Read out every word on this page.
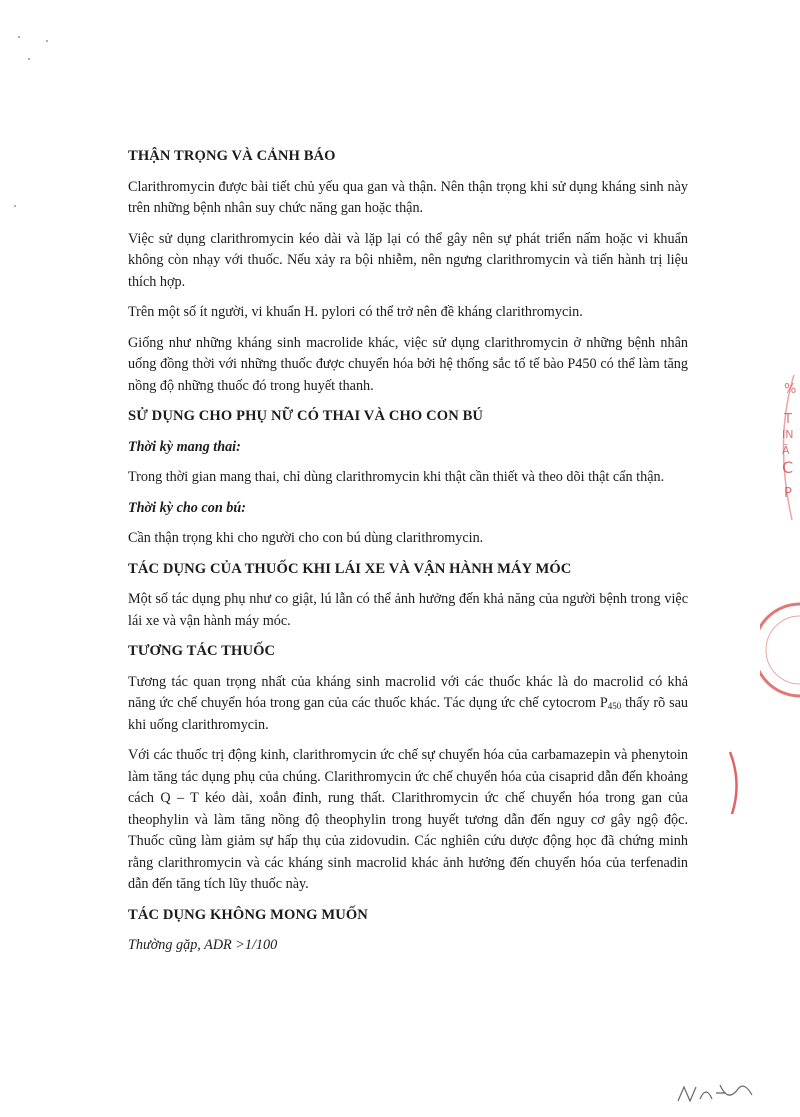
THẬN TRỌNG VÀ CẢNH BÁO

Clarithromycin được bài tiết chủ yếu qua gan và thận. Nên thận trọng khi sử dụng kháng sinh này trên những bệnh nhân suy chức năng gan hoặc thận.

Việc sử dụng clarithromycin kéo dài và lặp lại có thể gây nên sự phát triển nấm hoặc vi khuẩn không còn nhạy với thuốc. Nếu xảy ra bội nhiễm, nên ngưng clarithromycin và tiến hành trị liệu thích hợp.

Trên một số ít người, vi khuẩn H. pylori có thể trở nên đề kháng clarithromycin.

Giống như những kháng sinh macrolide khác, việc sử dụng clarithromycin ở những bệnh nhân uống đồng thời với những thuốc được chuyển hóa bởi hệ thống sắc tố tế bào P450 có thể làm tăng nồng độ những thuốc đó trong huyết thanh.

SỬ DỤNG CHO PHỤ NỮ CÓ THAI VÀ CHO CON BÚ
Thời kỳ mang thai:

Trong thời gian mang thai, chỉ dùng clarithromycin khi thật cần thiết và theo dõi thật cẩn thận.

Thời kỳ cho con bú:

Cần thận trọng khi cho người cho con bú dùng clarithromycin.

TÁC DỤNG CỦA THUỐC KHI LÁI XE VÀ VẬN HÀNH MÁY MÓC

Một số tác dụng phụ như co giật, lú lẫn có thể ảnh hưởng đến khả năng của người bệnh trong việc lái xe và vận hành máy móc.

TƯƠNG TÁC THUỐC

Tương tác quan trọng nhất của kháng sinh macrolid với các thuốc khác là do macrolid có khả năng ức chế chuyển hóa trong gan của các thuốc khác. Tác dụng ức chế cytocrom $P_{450}$ thấy rõ sau khi uống clarithromycin.

Với các thuốc trị động kinh, clarithromycin ức chế sự chuyển hóa của carbamazepin và phenytoin làm tăng tác dụng phụ của chúng. Clarithromycin ức chế chuyển hóa của cisaprid dẫn đến khoảng cách Q – T kéo dài, xoắn đỉnh, rung thất. Clarithromycin ức chế chuyển hóa trong gan của theophylin và làm tăng nồng độ theophylin trong huyết tương dẫn đến nguy cơ gây ngộ độc. Thuốc cũng làm giảm sự hấp thụ của zidovudin. Các nghiên cứu dược động học đã chứng minh rằng clarithromycin và các kháng sinh macrolid khác ảnh hưởng đến chuyển hóa của terfenadin dẫn đến tăng tích lũy thuốc này.

TÁC DỤNG KHÔNG MONG MUỐN

Thường gặp, ADR >1/100

%
T
IN
Ã
C
P
